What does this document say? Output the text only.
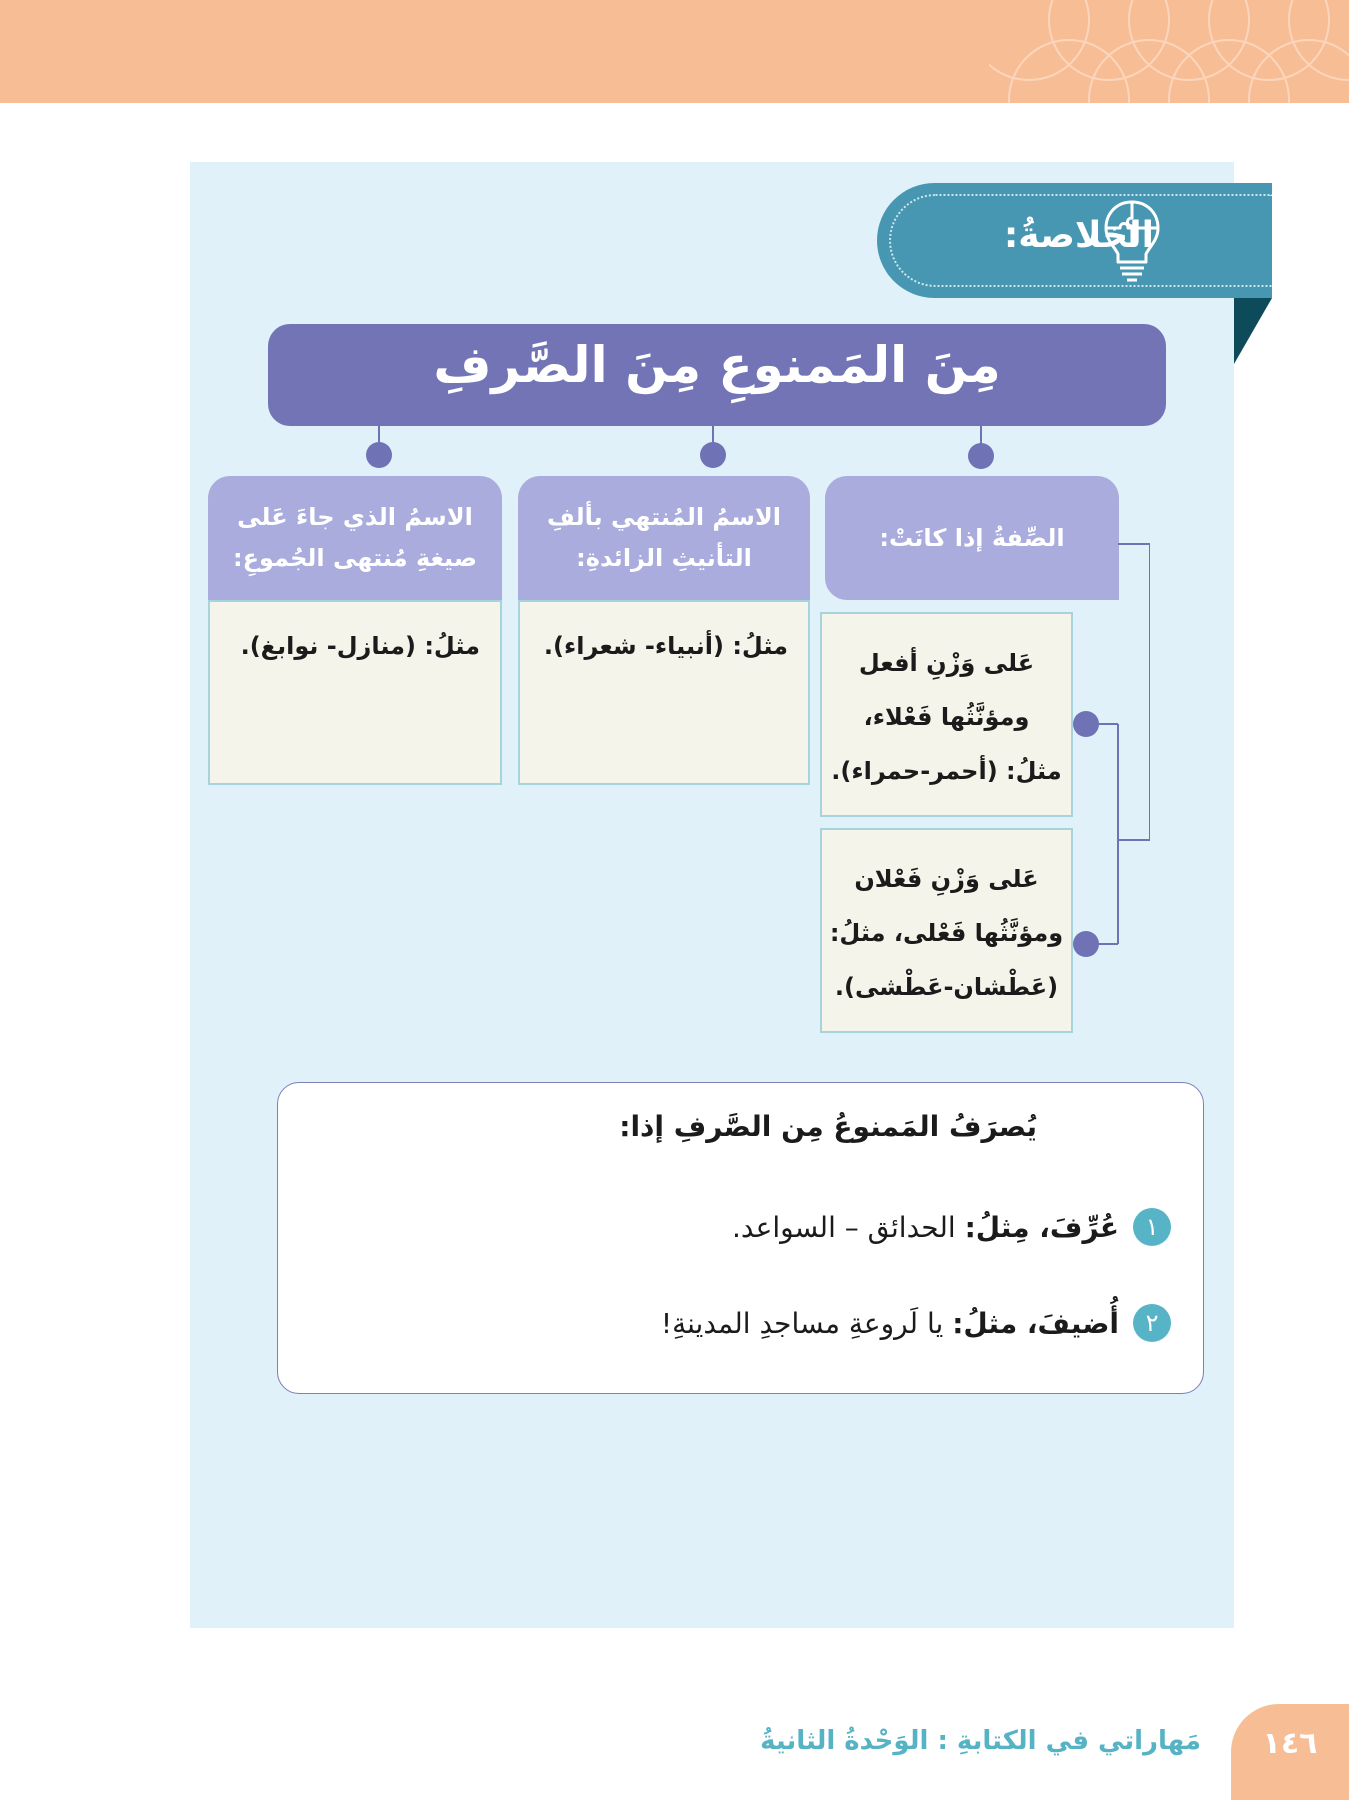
الخلاصةُ:
مِنَ المَمنوعِ مِنَ الصَّرفِ
الصِّفةُ إذا كانَتْ:
عَلى وَزْنِ أفعل
ومؤنَّثُها فَعْلاء،
مثلُ: (أحمر-حمراء).
عَلى وَزْنِ فَعْلان
ومؤنَّثُها فَعْلى، مثلُ:
(عَطْشان-عَطْشى).
الاسمُ المُنتهي بألفِ
التأنيثِ الزائدةِ:
مثلُ: (أنبياء- شعراء).
الاسمُ الذي جاءَ عَلى
صيغةِ مُنتهى الجُموعِ:
مثلُ: (منازل- نوابغ).
يُصرَفُ المَمنوعُ مِن الصَّرفِ إذا:
١
عُرِّفَ، مِثلُ: الحدائق – السواعد.
٢
أُضيفَ، مثلُ: يا لَروعةِ مساجدِ المدينةِ!
١٤٦
مَهاراتي في الكتابةِ : الوَحْدةُ الثانيةُ
